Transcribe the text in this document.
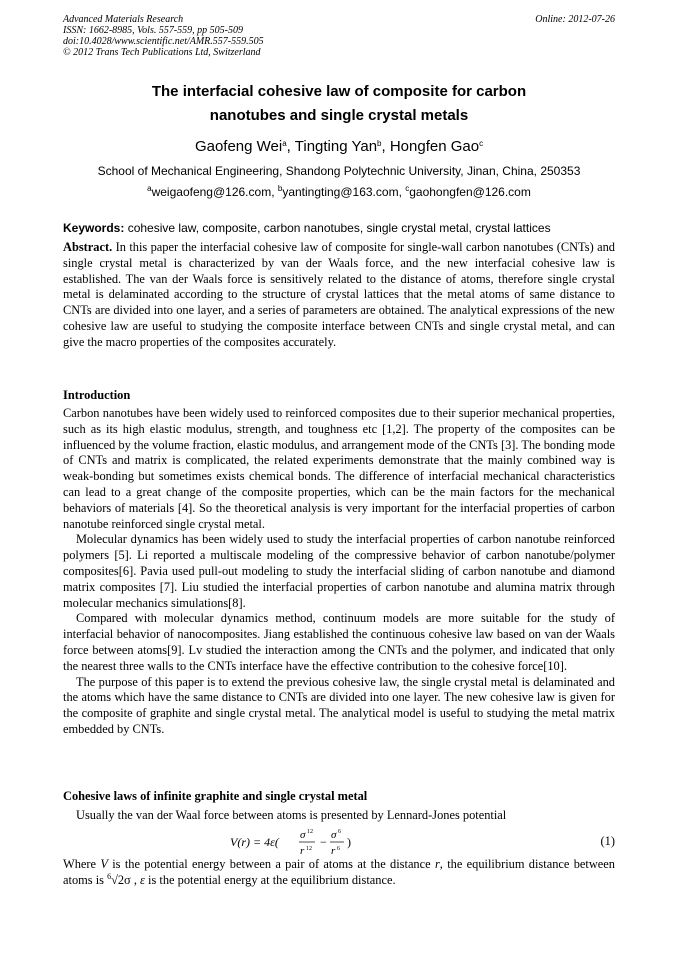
Advanced Materials Research
ISSN: 1662-8985, Vols. 557-559, pp 505-509
doi:10.4028/www.scientific.net/AMR.557-559.505
© 2012 Trans Tech Publications Ltd, Switzerland
Online: 2012-07-26
The interfacial cohesive law of composite for carbon
nanotubes and single crystal metals
Gaofeng Wei$^a$, Tingting Yan$^b$, Hongfen Gao$^c$
School of Mechanical Engineering, Shandong Polytechnic University, Jinan, China, 250353
$^a$weigaofeng@126.com, $^b$yantingting@163.com, $^c$gaohongfen@126.com
Keywords: cohesive law, composite, carbon nanotubes, single crystal metal, crystal lattices
Abstract. In this paper the interfacial cohesive law of composite for single-wall carbon nanotubes (CNTs) and single crystal metal is characterized by van der Waals force, and the new interfacial cohesive law is established. The van der Waals force is sensitively related to the distance of atoms, therefore single crystal metal is delaminated according to the structure of crystal lattices that the metal atoms of same distance to CNTs are divided into one layer, and a series of parameters are obtained. The analytical expressions of the new cohesive law are useful to studying the composite interface between CNTs and single crystal metal, and can give the macro properties of the composites accurately.
Introduction

Carbon nanotubes have been widely used to reinforced composites due to their superior mechanical properties, such as its high elastic modulus, strength, and toughness etc [1,2]. The property of the composites can be influenced by the volume fraction, elastic modulus, and arrangement mode of the CNTs [3]. The bonding mode of CNTs and matrix is complicated, the related experiments demonstrate that the mainly combined way is weak-bonding but sometimes exists chemical bonds. The difference of interfacial mechanical characteristics can lead to a great change of the composite properties, which can be the main factors for the mechanical behaviors of materials [4]. So the theoretical analysis is very important for the interfacial properties of carbon nanotube reinforced single crystal metal.

Molecular dynamics has been widely used to study the interfacial properties of carbon nanotube reinforced polymers [5]. Li reported a multiscale modeling of the compressive behavior of carbon nanotube/polymer composites[6]. Pavia used pull-out modeling to study the interfacial sliding of carbon nanotube and diamond matrix composites [7]. Liu studied the interfacial properties of carbon nanotube and alumina matrix through molecular mechanics simulations[8].

Compared with molecular dynamics method, continuum models are more suitable for the study of interfacial behavior of nanocomposites. Jiang established the continuous cohesive law based on van der Waals force between atoms[9]. Lv studied the interaction among the CNTs and the polymer, and indicated that only the nearest three walls to the CNTs interface have the effective contribution to the cohesive force[10].

The purpose of this paper is to extend the previous cohesive law, the single crystal metal is delaminated and the atoms which have the same distance to CNTs are divided into one layer. The new cohesive law is given for the composite of graphite and single crystal metal. The analytical model is useful to studying the metal matrix embedded by CNTs.

Cohesive laws of infinite graphite and single crystal metal

Usually the van der Waal force between atoms is presented by Lennard-Jones potential

V(r) = 4ε( σ 12
r 12 − σ 6
r 6 )	(1)

Where V is the potential energy between a pair of atoms at the distance r, the equilibrium distance between atoms is $^6$√2σ , ε is the potential energy at the equilibrium distance.
